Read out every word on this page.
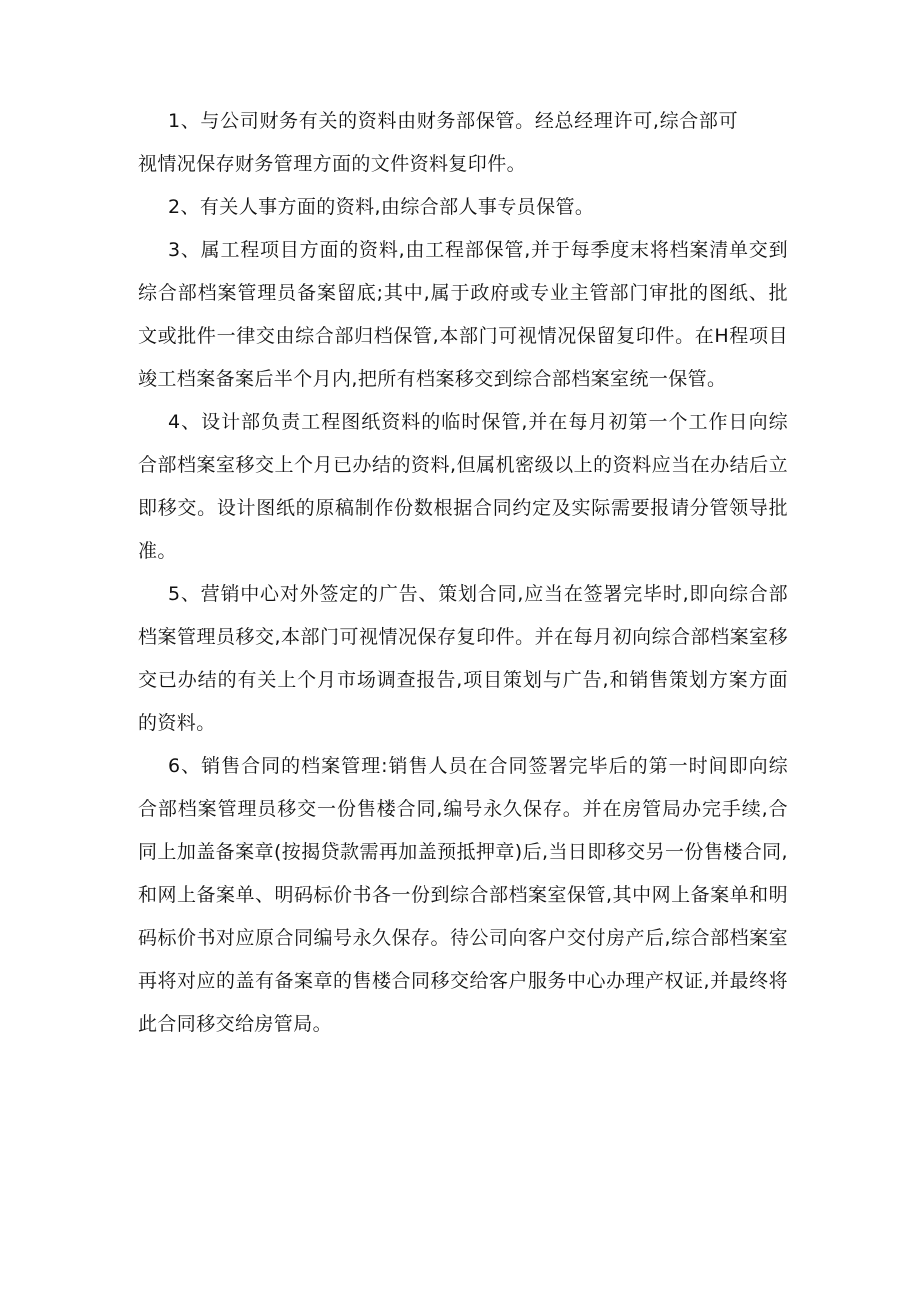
1、与公司财务有关的资料由财务部保管。经总经理许可,综合部可视情况保存财务管理方面的文件资料复印件。

2、有关人事方面的资料,由综合部人事专员保管。

3、属工程项目方面的资料,由工程部保管,并于每季度末将档案清单交到综合部档案管理员备案留底;其中,属于政府或专业主管部门审批的图纸、批文或批件一律交由综合部归档保管,本部门可视情况保留复印件。在H程项目竣工档案备案后半个月内,把所有档案移交到综合部档案室统一保管。

4、设计部负责工程图纸资料的临时保管,并在每月初第一个工作日向综合部档案室移交上个月已办结的资料,但属机密级以上的资料应当在办结后立即移交。设计图纸的原稿制作份数根据合同约定及实际需要报请分管领导批准。

5、营销中心对外签定的广告、策划合同,应当在签署完毕时,即向综合部档案管理员移交,本部门可视情况保存复印件。并在每月初向综合部档案室移交已办结的有关上个月市场调查报告,项目策划与广告,和销售策划方案方面的资料。

6、销售合同的档案管理:销售人员在合同签署完毕后的第一时间即向综合部档案管理员移交一份售楼合同,编号永久保存。并在房管局办完手续,合同上加盖备案章(按揭贷款需再加盖预抵押章)后,当日即移交另一份售楼合同,和网上备案单、明码标价书各一份到综合部档案室保管,其中网上备案单和明码标价书对应原合同编号永久保存。待公司向客户交付房产后,综合部档案室再将对应的盖有备案章的售楼合同移交给客户服务中心办理产权证,并最终将此合同移交给房管局。
